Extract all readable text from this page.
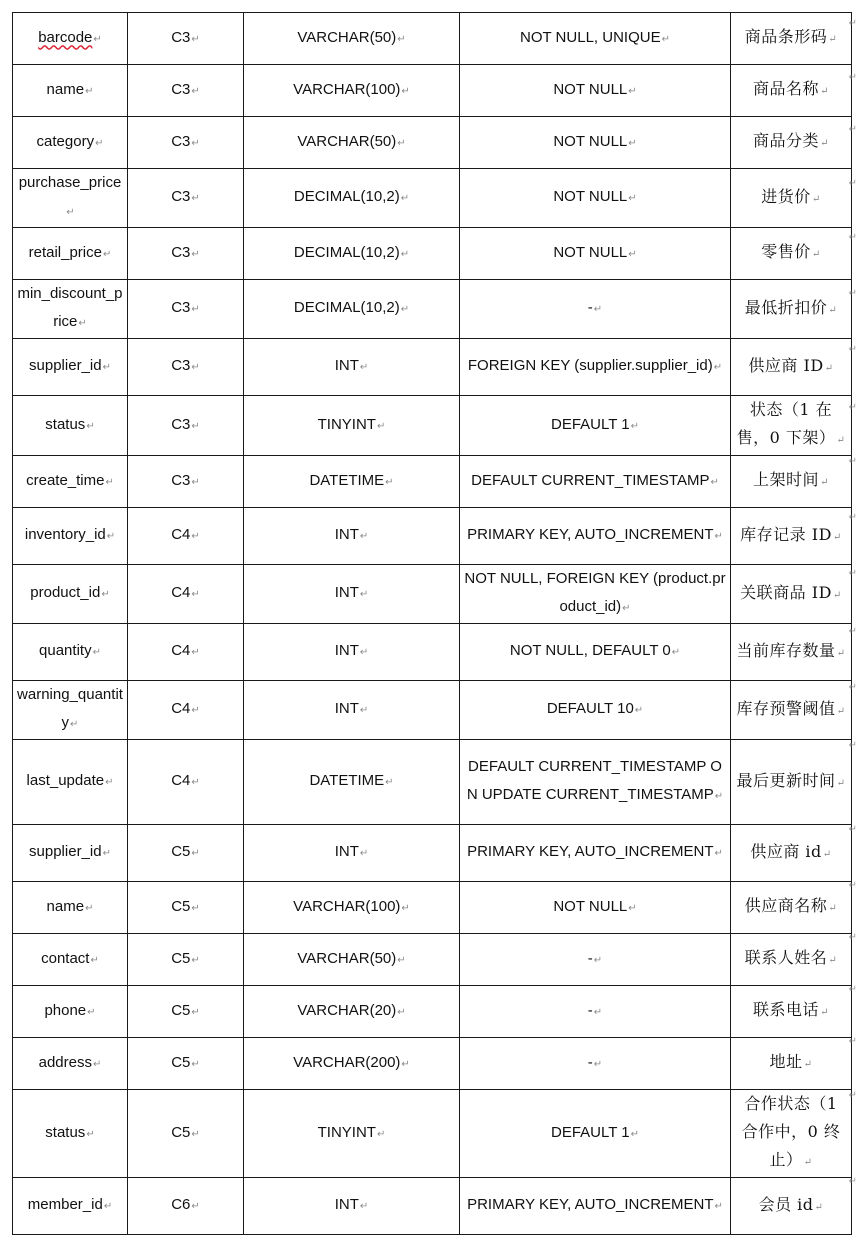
barcode↵	C3↵	VARCHAR(50)↵	NOT NULL, UNIQUE↵	商品条形码↵
name↵	C3↵	VARCHAR(100)↵	NOT NULL↵	商品名称↵
category↵	C3↵	VARCHAR(50)↵	NOT NULL↵	商品分类↵
purchase_price↵	C3↵	DECIMAL(10,2)↵	NOT NULL↵	进货价↵
retail_price↵	C3↵	DECIMAL(10,2)↵	NOT NULL↵	零售价↵
min_discount_price↵	C3↵	DECIMAL(10,2)↵	-↵	最低折扣价↵
supplier_id↵	C3↵	INT↵	FOREIGN KEY (supplier.supplier_id)↵	供应商 ID↵
status↵	C3↵	TINYINT↵	DEFAULT 1↵	状态（1 在售，0 下架）↵
create_time↵	C3↵	DATETIME↵	DEFAULT CURRENT_TIMESTAMP↵	上架时间↵
inventory_id↵	C4↵	INT↵	PRIMARY KEY, AUTO_INCREMENT↵	库存记录 ID↵
product_id↵	C4↵	INT↵	NOT NULL, FOREIGN KEY (product.product_id)↵	关联商品 ID↵
quantity↵	C4↵	INT↵	NOT NULL, DEFAULT 0↵	当前库存数量↵
warning_quantity↵	C4↵	INT↵	DEFAULT 10↵	库存预警阈值↵
last_update↵	C4↵	DATETIME↵	DEFAULT CURRENT_TIMESTAMP ON UPDATE CURRENT_TIMESTAMP↵	最后更新时间↵
supplier_id↵	C5↵	INT↵	PRIMARY KEY, AUTO_INCREMENT↵	供应商 id↵
name↵	C5↵	VARCHAR(100)↵	NOT NULL↵	供应商名称↵
contact↵	C5↵	VARCHAR(50)↵	-↵	联系人姓名↵
phone↵	C5↵	VARCHAR(20)↵	-↵	联系电话↵
address↵	C5↵	VARCHAR(200)↵	-↵	地址↵
status↵	C5↵	TINYINT↵	DEFAULT 1↵	合作状态（1 合作中，0 终止）↵
member_id↵	C6↵	INT↵	PRIMARY KEY, AUTO_INCREMENT↵	会员 id↵
↵
↵
↵
↵
↵
↵
↵
↵
↵
↵
↵
↵
↵
↵
↵
↵
↵
↵
↵
↵
↵
